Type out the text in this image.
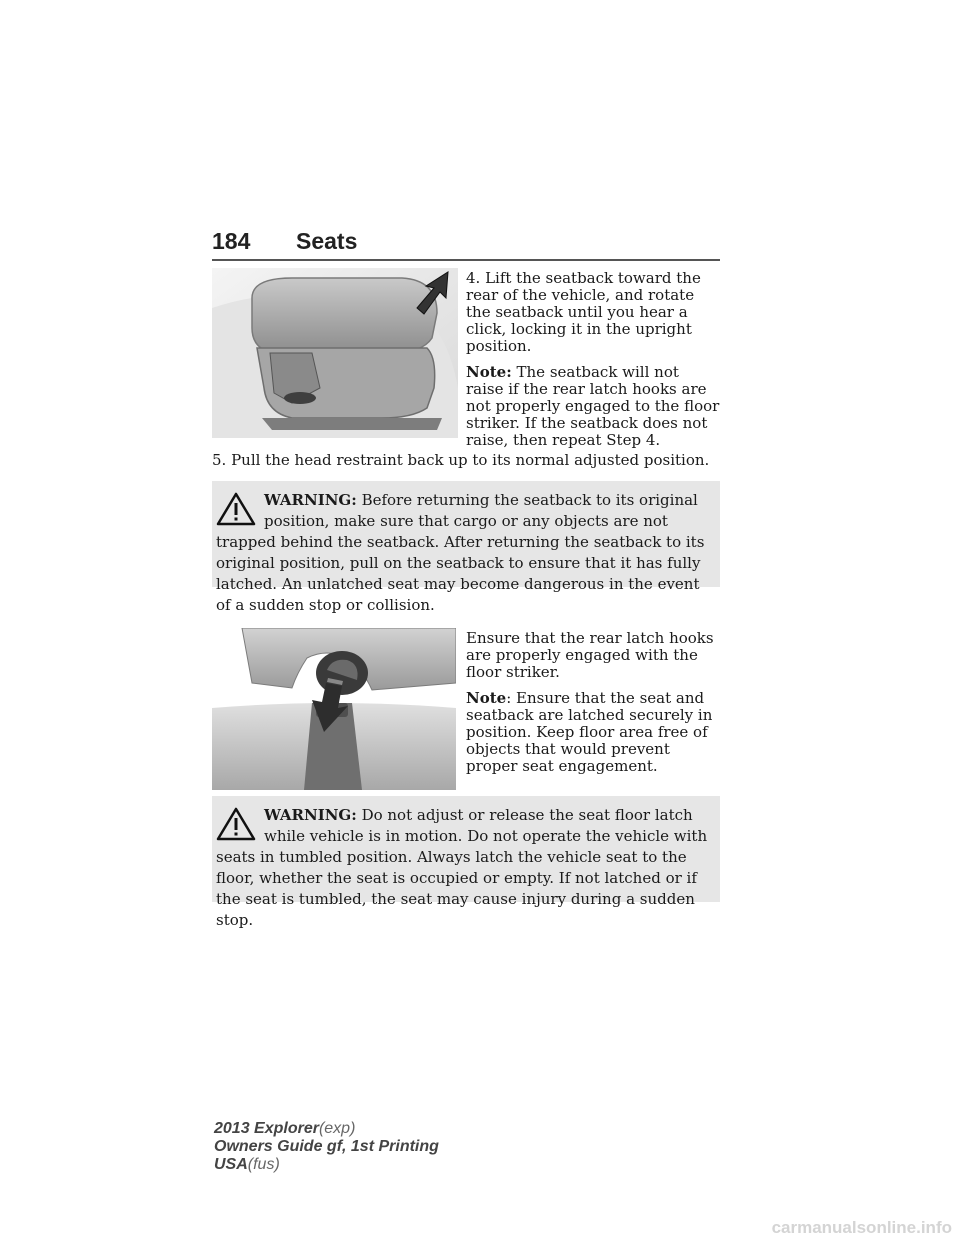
184 Seats

4. Lift the seatback toward the rear of the vehicle, and rotate the seatback until you hear a click, locking it in the upright position.

Note: The seatback will not raise if the rear latch hooks are not properly engaged to the floor striker. If the seatback does not raise, then repeat Step 4.

5. Pull the head restraint back up to its normal adjusted position.

WARNING: Before returning the seatback to its original position, make sure that cargo or any objects are not trapped behind the seatback. After returning the seatback to its original position, pull on the seatback to ensure that it has fully latched. An unlatched seat may become dangerous in the event of a sudden stop or collision.

Ensure that the rear latch hooks are properly engaged with the floor striker.

Note: Ensure that the seat and seatback are latched securely in position. Keep floor area free of objects that would prevent proper seat engagement.

WARNING: Do not adjust or release the seat floor latch while vehicle is in motion. Do not operate the vehicle with seats in tumbled position. Always latch the vehicle seat to the floor, whether the seat is occupied or empty. If not latched or if the seat is tumbled, the seat may cause injury during a sudden stop.
2013 Explorer(exp)
Owners Guide gf, 1st Printing
USA(fus)
carmanualsonline.info
